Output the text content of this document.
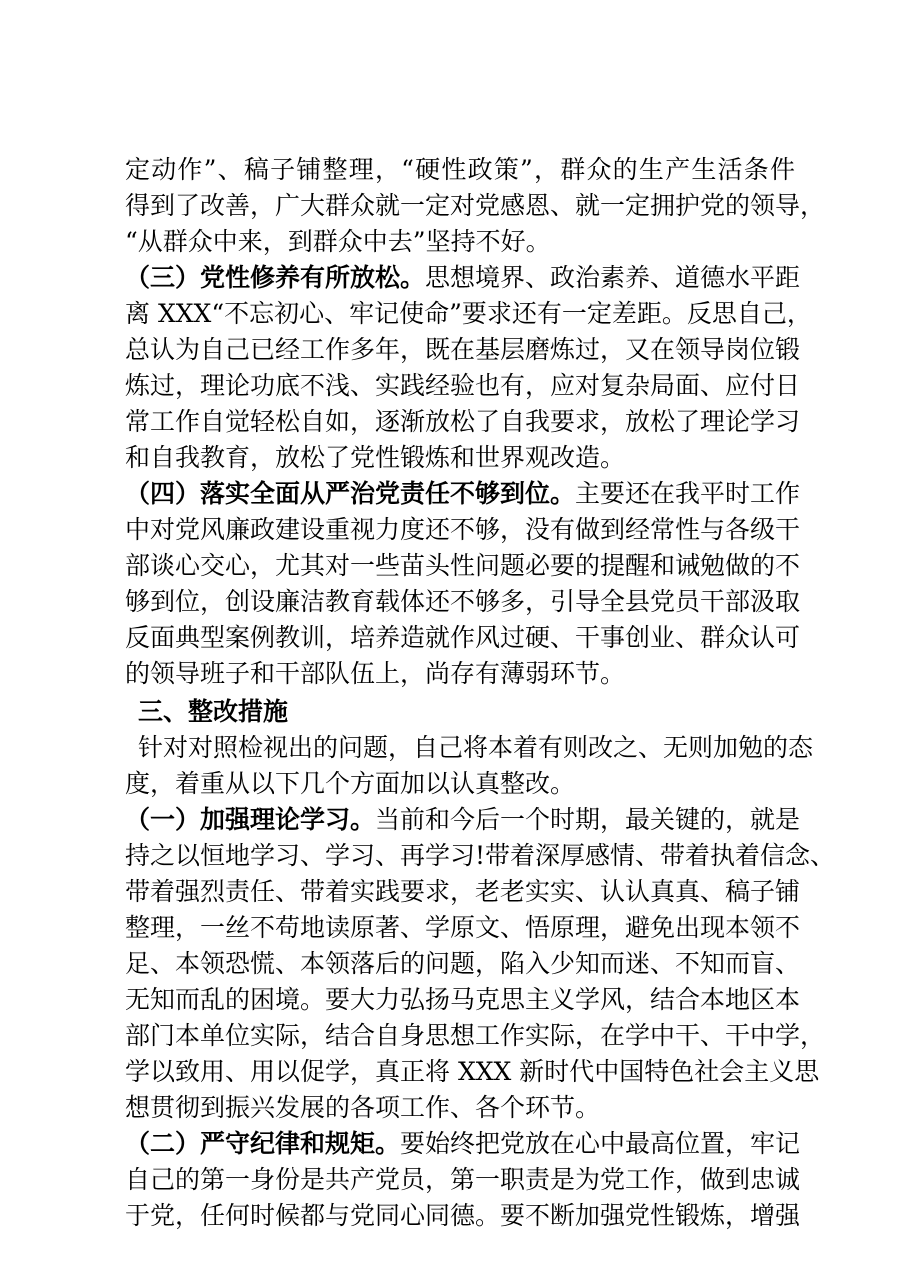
定动作”、稿子铺整理，“硬性政策”，群众的生产生活条件
得到了改善，广大群众就一定对党感恩、就一定拥护党的领导，
“从群众中来，到群众中去”坚持不好。
（三）党性修养有所放松。思想境界、政治素养、道德水平距
离 XXX“不忘初心、牢记使命”要求还有一定差距。反思自己，
总认为自己已经工作多年，既在基层磨炼过，又在领导岗位锻
炼过，理论功底不浅、实践经验也有，应对复杂局面、应付日
常工作自觉轻松自如，逐渐放松了自我要求，放松了理论学习
和自我教育，放松了党性锻炼和世界观改造。
（四）落实全面从严治党责任不够到位。主要还在我平时工作
中对党风廉政建设重视力度还不够，没有做到经常性与各级干
部谈心交心，尤其对一些苗头性问题必要的提醒和诫勉做的不
够到位，创设廉洁教育载体还不够多，引导全县党员干部汲取
反面典型案例教训，培养造就作风过硬、干事创业、群众认可
的领导班子和干部队伍上，尚存有薄弱环节。
三、整改措施
针对对照检视出的问题，自己将本着有则改之、无则加勉的态
度，着重从以下几个方面加以认真整改。
（一）加强理论学习。当前和今后一个时期，最关键的，就是
持之以恒地学习、学习、再学习!带着深厚感情、带着执着信念、
带着强烈责任、带着实践要求，老老实实、认认真真、稿子铺
整理，一丝不苟地读原著、学原文、悟原理，避免出现本领不
足、本领恐慌、本领落后的问题，陷入少知而迷、不知而盲、
无知而乱的困境。要大力弘扬马克思主义学风，结合本地区本
部门本单位实际，结合自身思想工作实际，在学中干、干中学，
学以致用、用以促学，真正将 XXX 新时代中国特色社会主义思
想贯彻到振兴发展的各项工作、各个环节。
（二）严守纪律和规矩。要始终把党放在心中最高位置，牢记
自己的第一身份是共产党员，第一职责是为党工作，做到忠诚
于党，任何时候都与党同心同德。要不断加强党性锻炼，增强
